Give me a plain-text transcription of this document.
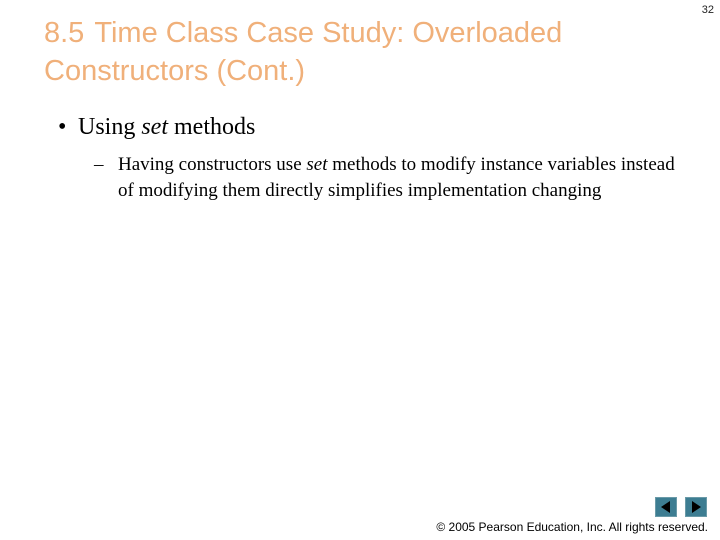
8.5 Time Class Case Study: Overloaded Constructors (Cont.)
32
• Using set methods
– Having constructors use set methods to modify instance variables instead of modifying them directly simplifies implementation changing
© 2005 Pearson Education, Inc. All rights reserved.
